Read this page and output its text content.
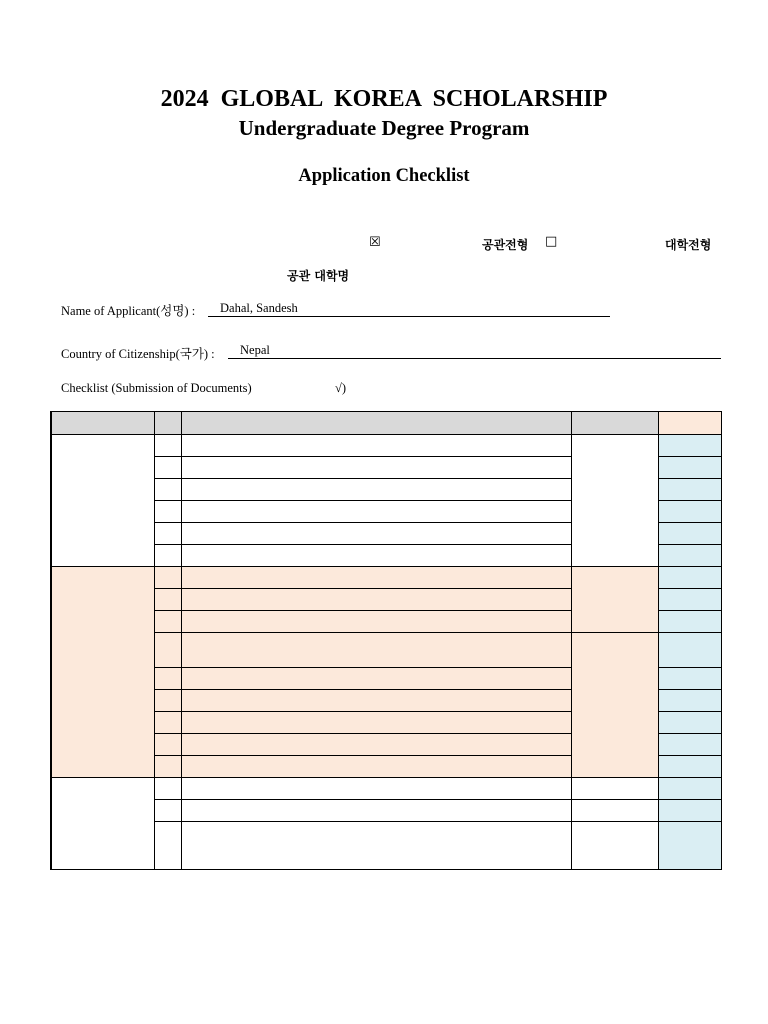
2024 GLOBAL KOREA SCHOLARSHIP
Undergraduate Degree Program
Application Checklist
☒	공관전형 □	대학전형
공관 대학명
Name of Applicant(성명) :	Dahal, Sandesh
Country of Citizenship(국가) :	Nepal
Checklist (Submission of Documents)	√)
